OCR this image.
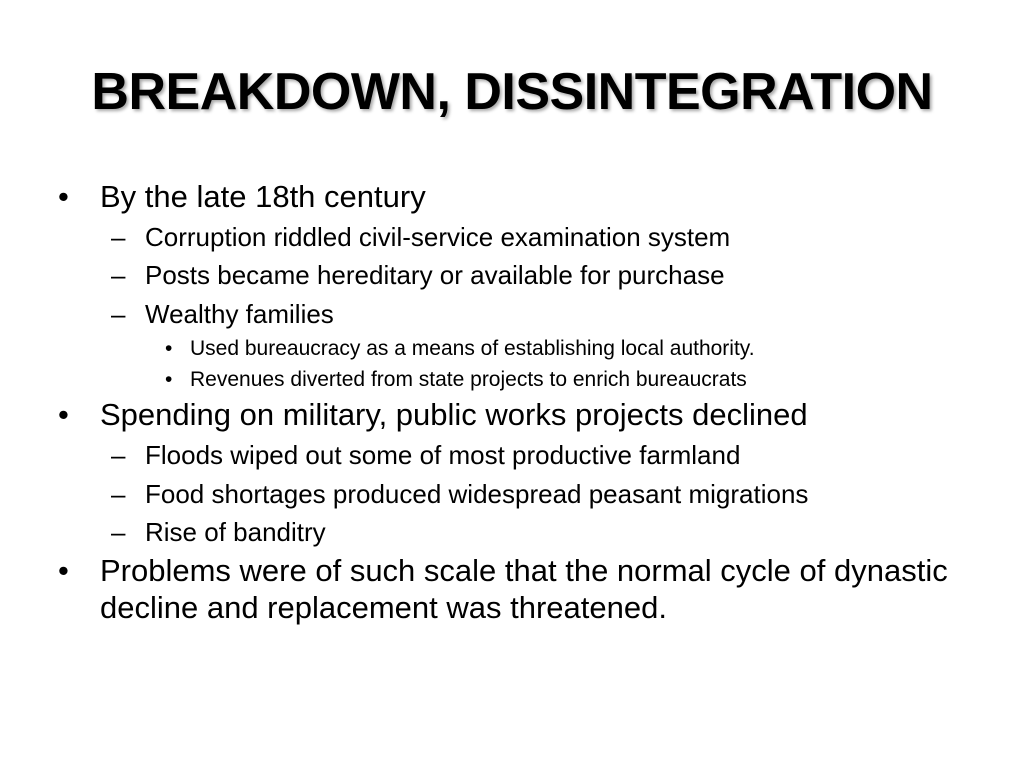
BREAKDOWN, DISSINTEGRATION
• By the late 18th century
– Corruption riddled civil-service examination system
– Posts became hereditary or available for purchase
– Wealthy families
• Used bureaucracy as a means of establishing local authority.
• Revenues diverted from state projects to enrich bureaucrats
• Spending on military, public works projects declined
– Floods wiped out some of most productive farmland
– Food shortages produced widespread peasant migrations
– Rise of banditry
• Problems were of such scale that the normal cycle of dynastic decline and replacement was threatened.
